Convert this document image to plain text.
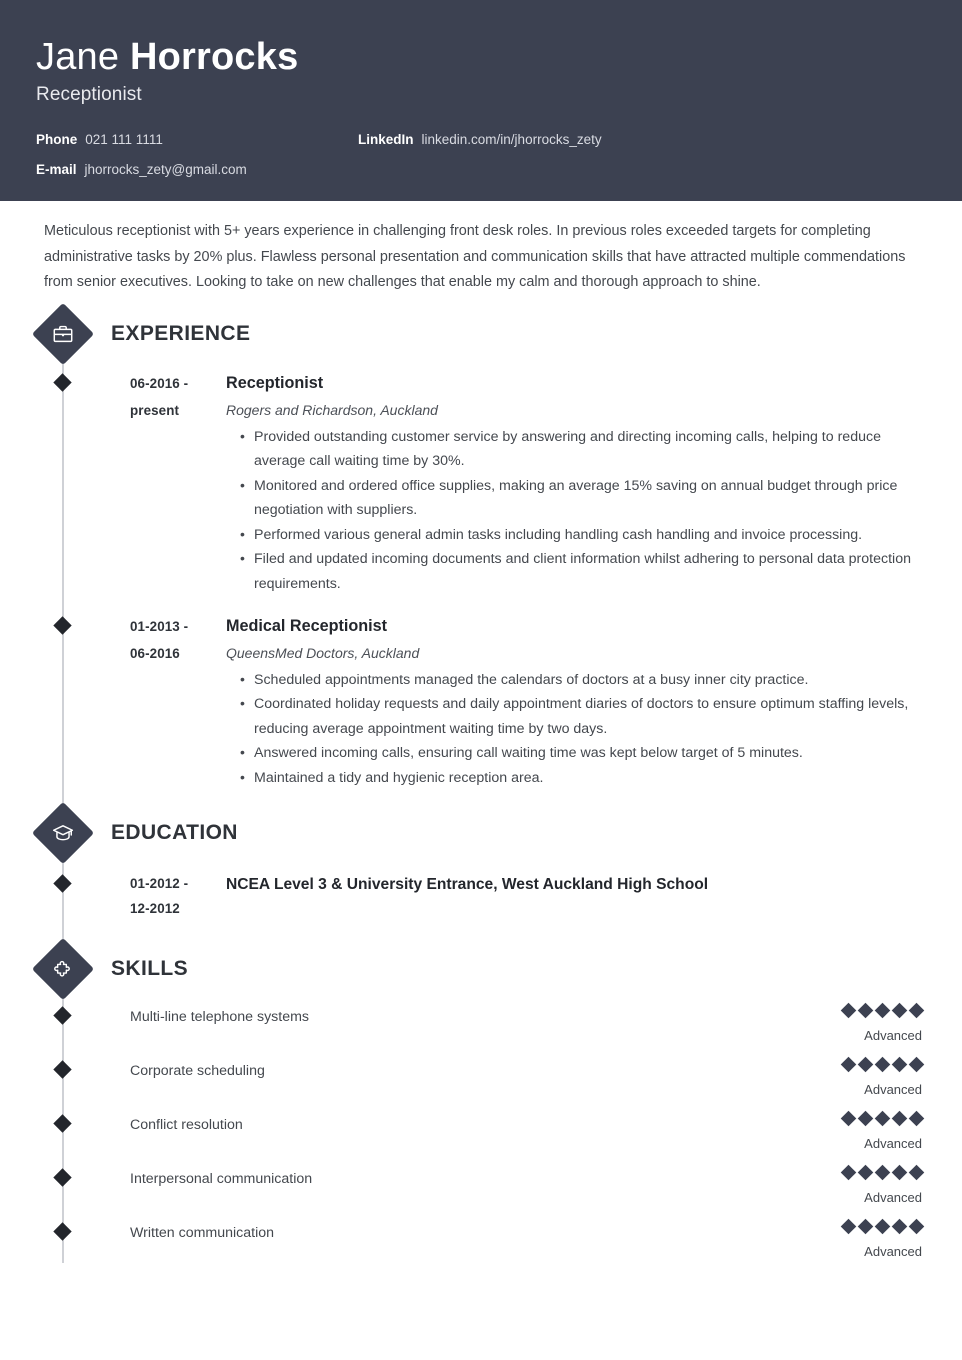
Jane Horrocks
Receptionist
Phone 021 111 1111	LinkedIn linkedin.com/in/jhorrocks_zety
E-mail jhorrocks_zety@gmail.com

Meticulous receptionist with 5+ years experience in challenging front desk roles. In previous roles exceeded targets for completing administrative tasks by 20% plus. Flawless personal presentation and communication skills that have attracted multiple commendations from senior executives. Looking to take on new challenges that enable my calm and thorough approach to shine.

EXPERIENCE
06-2016 -
present
Receptionist
Rogers and Richardson, Auckland
• Provided outstanding customer service by answering and directing incoming calls, helping to reduce average call waiting time by 30%.
• Monitored and ordered office supplies, making an average 15% saving on annual budget through price negotiation with suppliers.
• Performed various general admin tasks including handling cash handling and invoice processing.
• Filed and updated incoming documents and client information whilst adhering to personal data protection requirements.
01-2013 -
06-2016
Medical Receptionist
QueensMed Doctors, Auckland
• Scheduled appointments managed the calendars of doctors at a busy inner city practice.
• Coordinated holiday requests and daily appointment diaries of doctors to ensure optimum staffing levels, reducing average appointment waiting time by two days.
• Answered incoming calls, ensuring call waiting time was kept below target of 5 minutes.
• Maintained a tidy and hygienic reception area.
EDUCATION
01-2012 -
12-2012
NCEA Level 3 & University Entrance, West Auckland High School
SKILLS
Multi-line telephone systems
Advanced
Corporate scheduling
Advanced
Conflict resolution
Advanced
Interpersonal communication
Advanced
Written communication
Advanced
